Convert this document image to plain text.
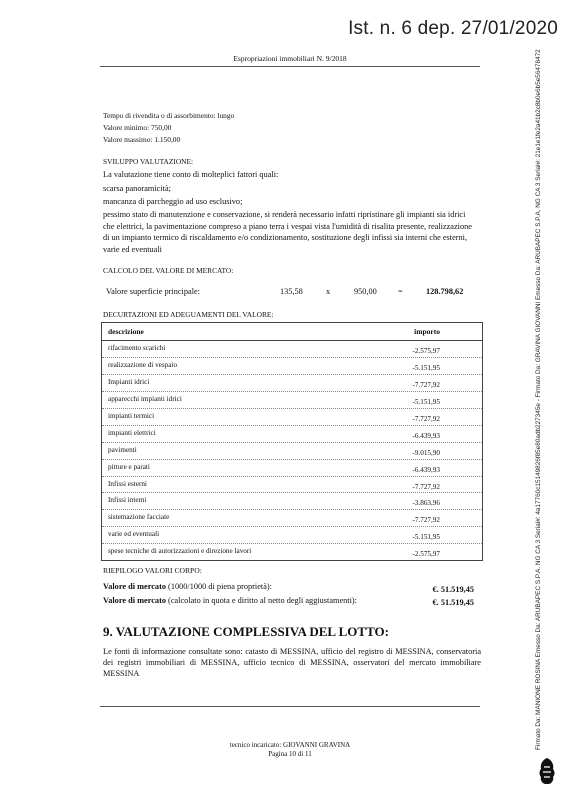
Ist. n. 6 dep. 27/01/2020
Espropriazioni immobiliari N. 9/2018	Firmato Da: MANIONE ROSINA Emesso Da: ARUBAPEC S.P.A. NG CA 3 Serial#: 4a17760c15149826f85e80adb227345e - Firmato Da: GRAVINA GIOVANNI Emesso Da: ARUBAPEC S.P.A. NG CA 3 Serial#: 21e1e1fe2a41b2c8b0e6b5e56478472
Tempo di rivendita o di assorbimento: lungo
Valore minimo: 750,00
Valore massimo: 1.150,00
SVILUPPO VALUTAZIONE:
La valutazione tiene conto di molteplici fattori quali:
scarsa panoramicità;
mancanza di parcheggio ad uso esclusivo;
pessimo stato di manutenzione e conservazione, si renderà necessario infatti ripristinare gli impianti sia idrici che elettrici, la pavimentazione compreso a piano terra i vespai vista l'umidità di risalita presente, realizzazione di un impianto termico di riscaldamento e/o condizionamento, sostituzione degli infissi sia interni che esterni, varie ed eventuali
CALCOLO DEL VALORE DI MERCATO:
Valore superficie principale:	135,58	x	950,00	=	128.798,62
DECURTAZIONI ED ADEGUAMENTI DEL VALORE:
descrizione	importo
rifacimento scarichi	-2.575,97
realizzazione di vespaio	-5.151,95
Impianti idrici	-7.727,92
apparecchi impianti idrici	-5.151,95
impianti termici	-7.727,92
impianti elettrici	-6.439,93
pavimenti	-9.015,90
pitture e parati	-6.439,93
Infissi esterni	-7.727,92
Infissi interni	-3.863,96
sistemazione facciate	-7.727,92
varie ed eventuali	-5.151,95
spese tecniche di autorizzazioni e direzione lavori	-2.575,97
RIEPILOGO VALORI CORPO:
Valore di mercato (1000/1000 di piena proprietà):	€. 51.519,45
Valore di mercato (calcolato in quota e diritto al netto degli aggiustamenti):	€. 51.519,45
9. VALUTAZIONE COMPLESSIVA DEL LOTTO:
Le fonti di informazione consultate sono: catasto di MESSINA, ufficio del registro di MESSINA, conservatoria dei registri immobiliari di MESSINA, ufficio tecnico di MESSINA, osservatori del mercato immobiliare MESSINA
tecnico incaricato: GIOVANNI GRAVINA
Pagina 10 di 11
